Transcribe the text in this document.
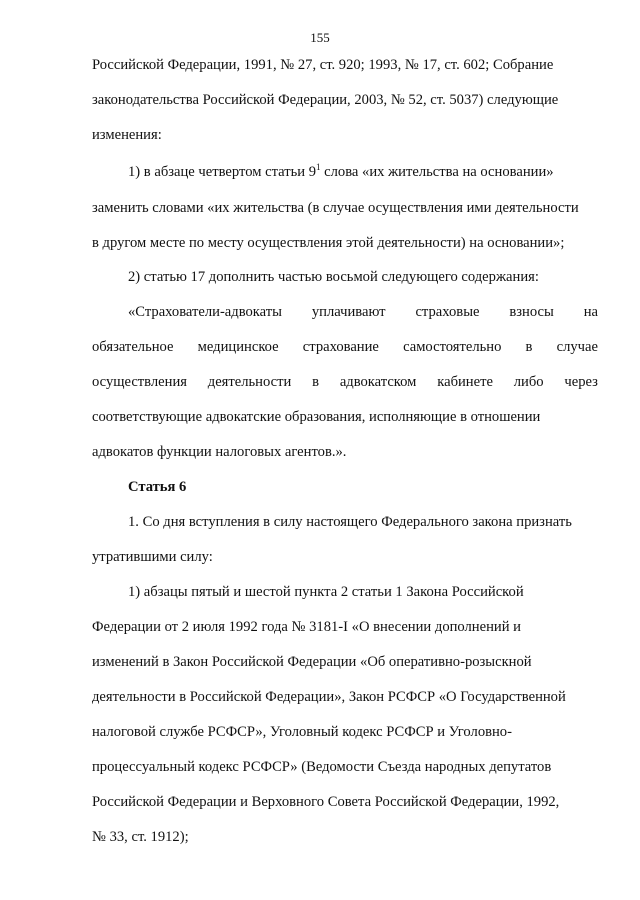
155
Российской Федерации, 1991, № 27, ст. 920; 1993, № 17, ст. 602; Собрание
законодательства Российской Федерации, 2003, № 52, ст. 5037) следующие
изменения:
1) в абзаце четвертом статьи $9^1$ слова «их жительства на основании»
заменить словами «их жительства (в случае осуществления ими деятельности
в другом месте по месту осуществления этой деятельности) на основании»;
2) статью 17 дополнить частью восьмой следующего содержания:
«Страхователи-адвокаты уплачивают страховые взносы на
обязательное медицинское страхование самостоятельно в случае
осуществления деятельности в адвокатском кабинете либо через
соответствующие адвокатские образования, исполняющие в отношении
адвокатов функции налоговых агентов.».
Статья 6
1. Со дня вступления в силу настоящего Федерального закона признать
утратившими силу:
1) абзацы пятый и шестой пункта 2 статьи 1 Закона Российской
Федерации от 2 июля 1992 года № 3181-I «О внесении дополнений и
изменений в Закон Российской Федерации «Об оперативно-розыскной
деятельности в Российской Федерации», Закон РСФСР «О Государственной
налоговой службе РСФСР», Уголовный кодекс РСФСР и Уголовно-
процессуальный кодекс РСФСР» (Ведомости Съезда народных депутатов
Российской Федерации и Верховного Совета Российской Федерации, 1992,
№ 33, ст. 1912);
